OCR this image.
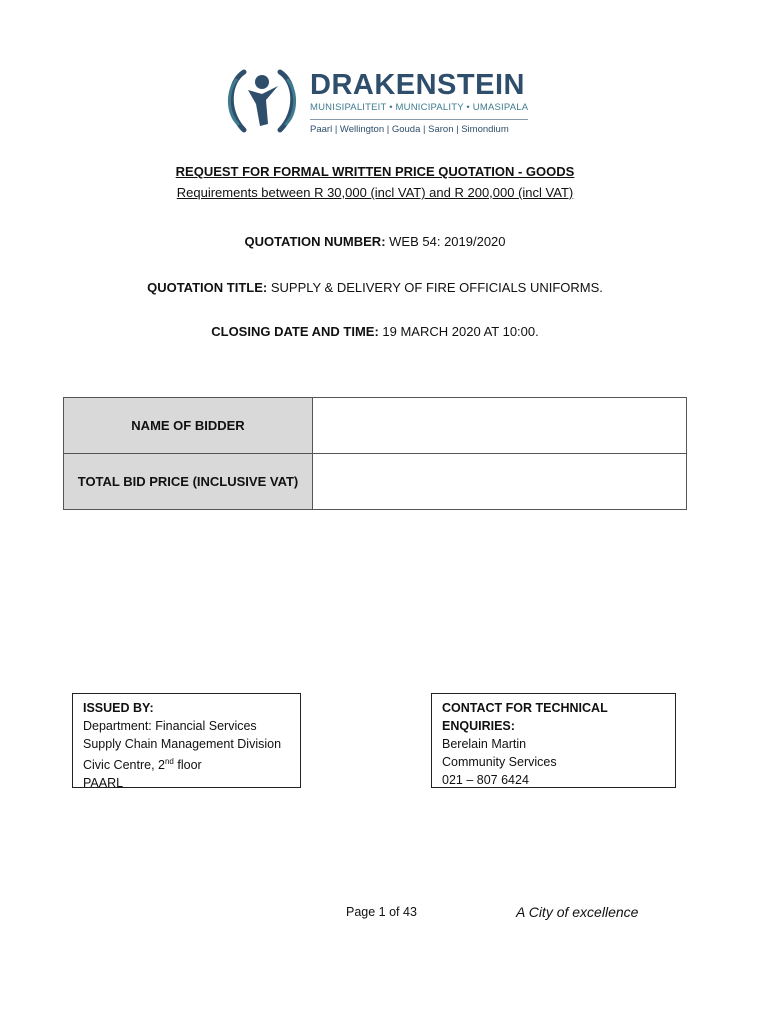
DRAKENSTEIN
MUNISIPALITEIT • MUNICIPALITY • UMASIPALA
Paarl | Wellington | Gouda | Saron | Simondium
REQUEST FOR FORMAL WRITTEN PRICE QUOTATION - GOODS
Requirements between R 30,000 (incl VAT) and R 200,000 (incl VAT)
QUOTATION NUMBER: WEB 54: 2019/2020
QUOTATION TITLE: SUPPLY & DELIVERY OF FIRE OFFICIALS UNIFORMS.
CLOSING DATE AND TIME: 19 MARCH 2020 AT 10:00.
NAME OF BIDDER	
TOTAL BID PRICE (INCLUSIVE VAT)	
ISSUED BY:
Department: Financial Services
Supply Chain Management Division
Civic Centre, 2nd floor
PAARL
CONTACT FOR TECHNICAL ENQUIRIES:
Berelain Martin
Community Services
021 – 807 6424
Page 1 of 43	A City of excellence
